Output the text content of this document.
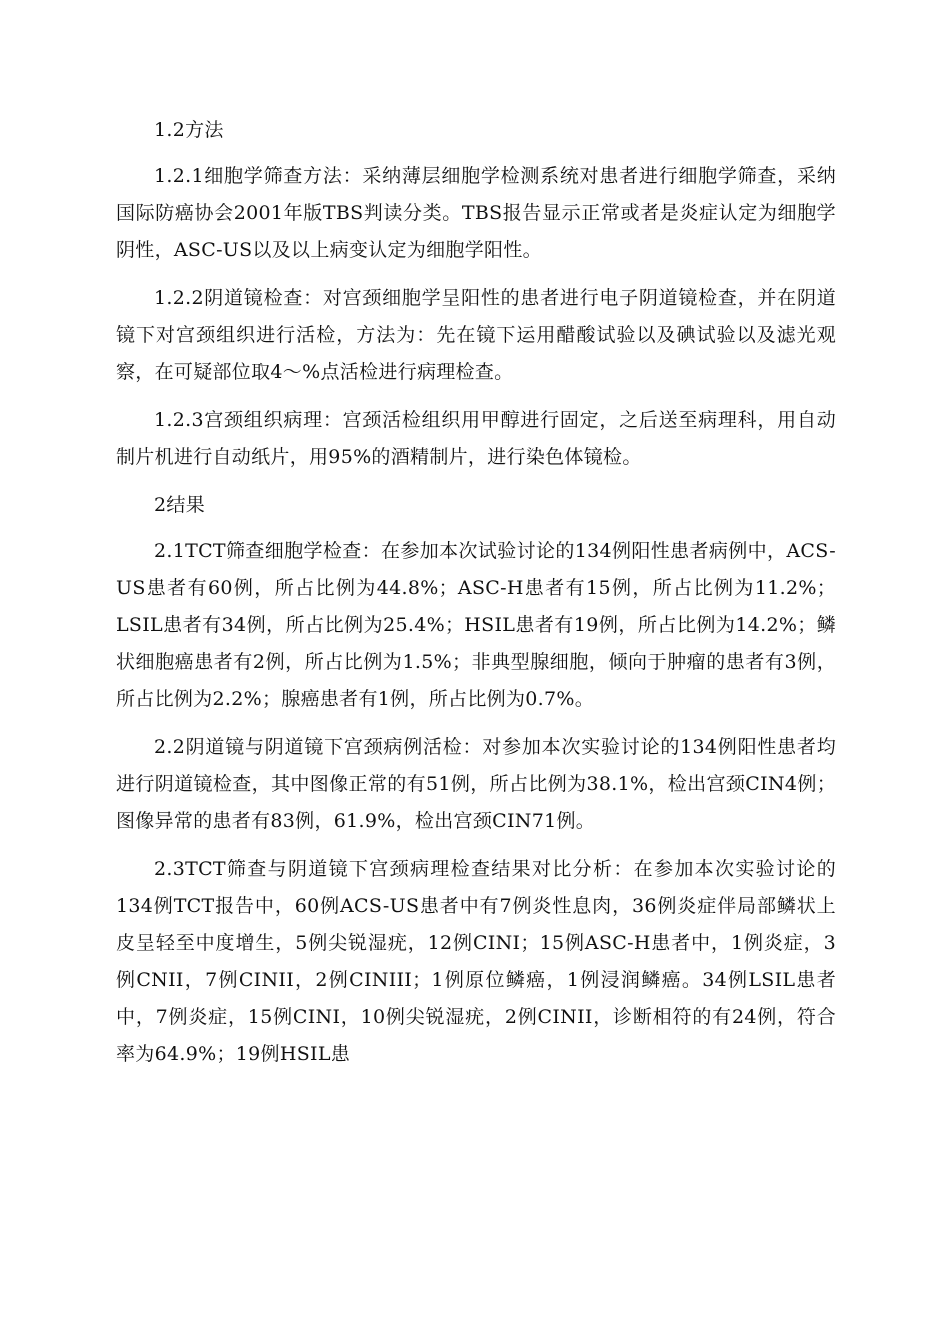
1.2方法

1.2.1细胞学筛查方法：采纳薄层细胞学检测系统对患者进行细胞学筛查，采纳国际防癌协会2001年版TBS判读分类。TBS报告显示正常或者是炎症认定为细胞学阴性，ASC-US以及以上病变认定为细胞学阳性。

1.2.2阴道镜检查：对宫颈细胞学呈阳性的患者进行电子阴道镜检查，并在阴道镜下对宫颈组织进行活检，方法为：先在镜下运用醋酸试验以及碘试验以及滤光观察，在可疑部位取4～%点活检进行病理检查。

1.2.3宫颈组织病理：宫颈活检组织用甲醇进行固定，之后送至病理科，用自动制片机进行自动纸片，用95%的酒精制片，进行染色体镜检。

2结果

2.1TCT筛查细胞学检查：在参加本次试验讨论的134例阳性患者病例中，ACS-US患者有60例，所占比例为44.8%；ASC-H患者有15例，所占比例为11.2%；LSIL患者有34例，所占比例为25.4%；HSIL患者有19例，所占比例为14.2%；鳞状细胞癌患者有2例，所占比例为1.5%；非典型腺细胞，倾向于肿瘤的患者有3例，所占比例为2.2%；腺癌患者有1例，所占比例为0.7%。

2.2阴道镜与阴道镜下宫颈病例活检：对参加本次实验讨论的134例阳性患者均进行阴道镜检查，其中图像正常的有51例，所占比例为38.1%，检出宫颈CIN4例；图像异常的患者有83例，61.9%，检出宫颈CIN71例。

2.3TCT筛查与阴道镜下宫颈病理检查结果对比分析：在参加本次实验讨论的134例TCT报告中，60例ACS-US患者中有7例炎性息肉，36例炎症伴局部鳞状上皮呈轻至中度增生，5例尖锐湿疣，12例CINI；15例ASC-H患者中，1例炎症，3例CNII，7例CINII，2例CINIII；1例原位鳞癌，1例浸润鳞癌。34例LSIL患者中，7例炎症，15例CINI，10例尖锐湿疣，2例CINII，诊断相符的有24例，符合率为64.9%；19例HSIL患
